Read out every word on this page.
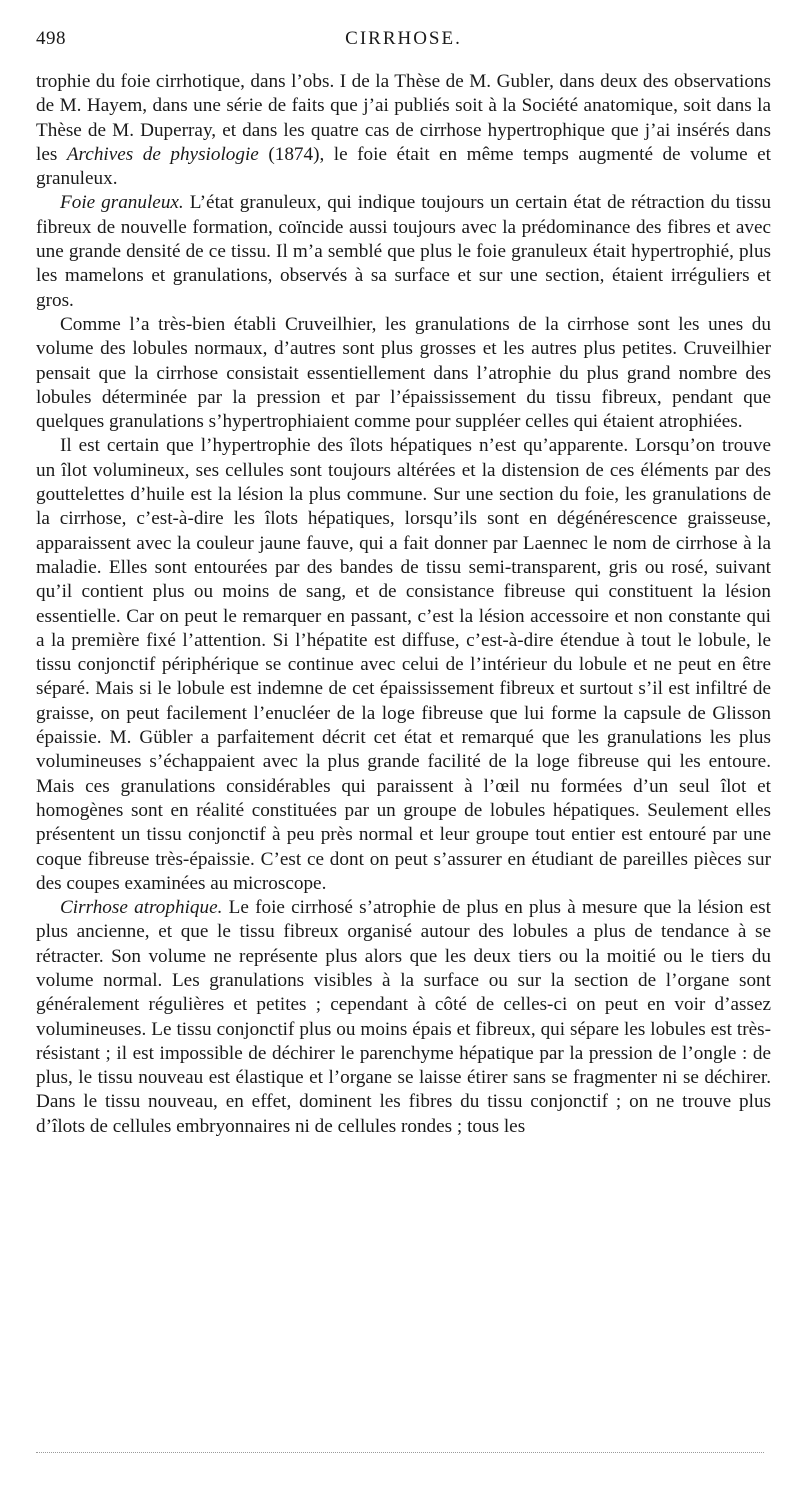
498	CIRRHOSE.

trophie du foie cirrhotique, dans l’obs. I de la Thèse de M. Gubler, dans deux des observations de M. Hayem, dans une série de faits que j’ai publiés soit à la Société anatomique, soit dans la Thèse de M. Duperray, et dans les quatre cas de cirrhose hypertrophique que j’ai insérés dans les Archives de physiologie (1874), le foie était en même temps augmenté de volume et granuleux.

Foie granuleux. L’état granuleux, qui indique toujours un certain état de rétraction du tissu fibreux de nouvelle formation, coïncide aussi toujours avec la prédominance des fibres et avec une grande densité de ce tissu. Il m’a semblé que plus le foie granuleux était hypertrophié, plus les mamelons et granulations, observés à sa surface et sur une section, étaient irréguliers et gros.

Comme l’a très-bien établi Cruveilhier, les granulations de la cirrhose sont les unes du volume des lobules normaux, d’autres sont plus grosses et les autres plus petites. Cruveilhier pensait que la cirrhose consistait essentiellement dans l’atrophie du plus grand nombre des lobules déterminée par la pression et par l’épaississement du tissu fibreux, pendant que quelques granulations s’hypertrophiaient comme pour suppléer celles qui étaient atrophiées.

Il est certain que l’hypertrophie des îlots hépatiques n’est qu’apparente. Lorsqu’on trouve un îlot volumineux, ses cellules sont toujours altérées et la distension de ces éléments par des gouttelettes d’huile est la lésion la plus commune. Sur une section du foie, les granulations de la cirrhose, c’est-à-dire les îlots hépatiques, lorsqu’ils sont en dégénérescence graisseuse, apparaissent avec la couleur jaune fauve, qui a fait donner par Laennec le nom de cirrhose à la maladie. Elles sont entourées par des bandes de tissu semi-transparent, gris ou rosé, suivant qu’il contient plus ou moins de sang, et de consistance fibreuse qui constituent la lésion essentielle. Car on peut le remarquer en passant, c’est la lésion accessoire et non constante qui a la première fixé l’attention. Si l’hépatite est diffuse, c’est-à-dire étendue à tout le lobule, le tissu conjonctif périphérique se continue avec celui de l’intérieur du lobule et ne peut en être séparé. Mais si le lobule est indemne de cet épaississement fibreux et surtout s’il est infiltré de graisse, on peut facilement l’enucléer de la loge fibreuse que lui forme la capsule de Glisson épaissie. M. Gübler a parfaitement décrit cet état et remarqué que les granulations les plus volumineuses s’échappaient avec la plus grande facilité de la loge fibreuse qui les entoure. Mais ces granulations considérables qui paraissent à l’œil nu formées d’un seul îlot et homogènes sont en réalité constituées par un groupe de lobules hépatiques. Seulement elles présentent un tissu conjonctif à peu près normal et leur groupe tout entier est entouré par une coque fibreuse très-épaissie. C’est ce dont on peut s’assurer en étudiant de pareilles pièces sur des coupes examinées au microscope.

Cirrhose atrophique. Le foie cirrhosé s’atrophie de plus en plus à mesure que la lésion est plus ancienne, et que le tissu fibreux organisé autour des lobules a plus de tendance à se rétracter. Son volume ne représente plus alors que les deux tiers ou la moitié ou le tiers du volume normal. Les granulations visibles à la surface ou sur la section de l’organe sont généralement régulières et petites ; cependant à côté de celles-ci on peut en voir d’assez volumineuses. Le tissu conjonctif plus ou moins épais et fibreux, qui sépare les lobules est très-résistant ; il est impossible de déchirer le parenchyme hépatique par la pression de l’ongle : de plus, le tissu nouveau est élastique et l’organe se laisse étirer sans se fragmenter ni se déchirer. Dans le tissu nouveau, en effet, dominent les fibres du tissu conjonctif ; on ne trouve plus d’îlots de cellules embryonnaires ni de cellules rondes ; tous les
